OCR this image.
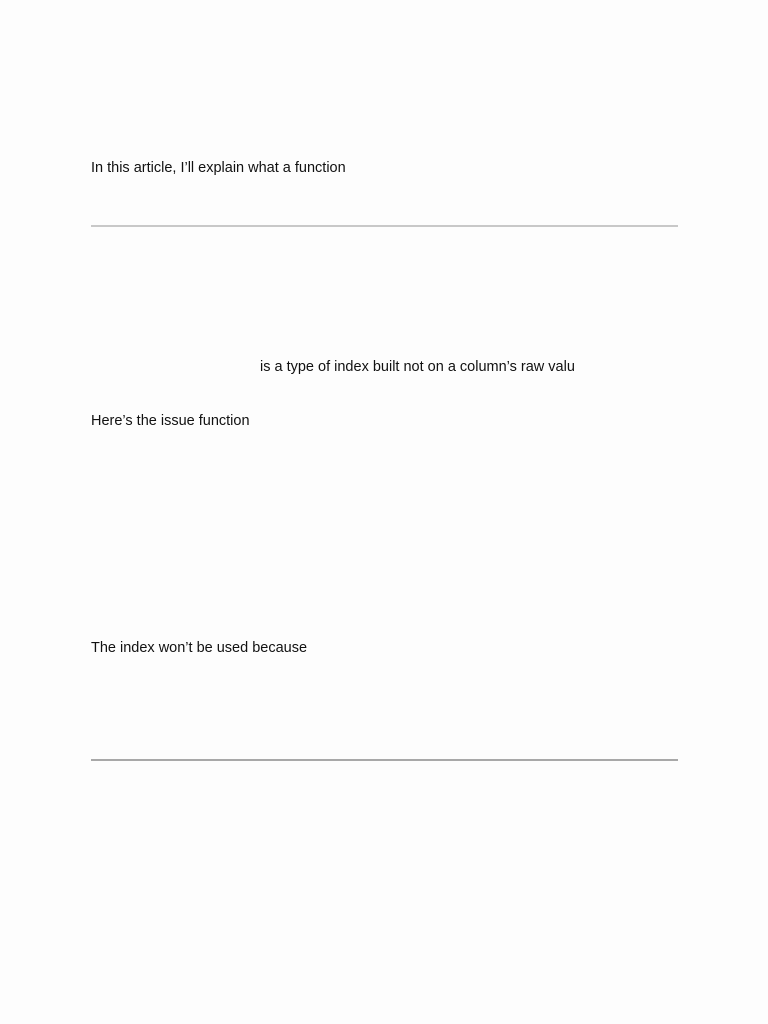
In this article, I’ll explain what a function

is a type of index built not on a column’s raw valu

Here’s the issue function

The index won’t be used because
